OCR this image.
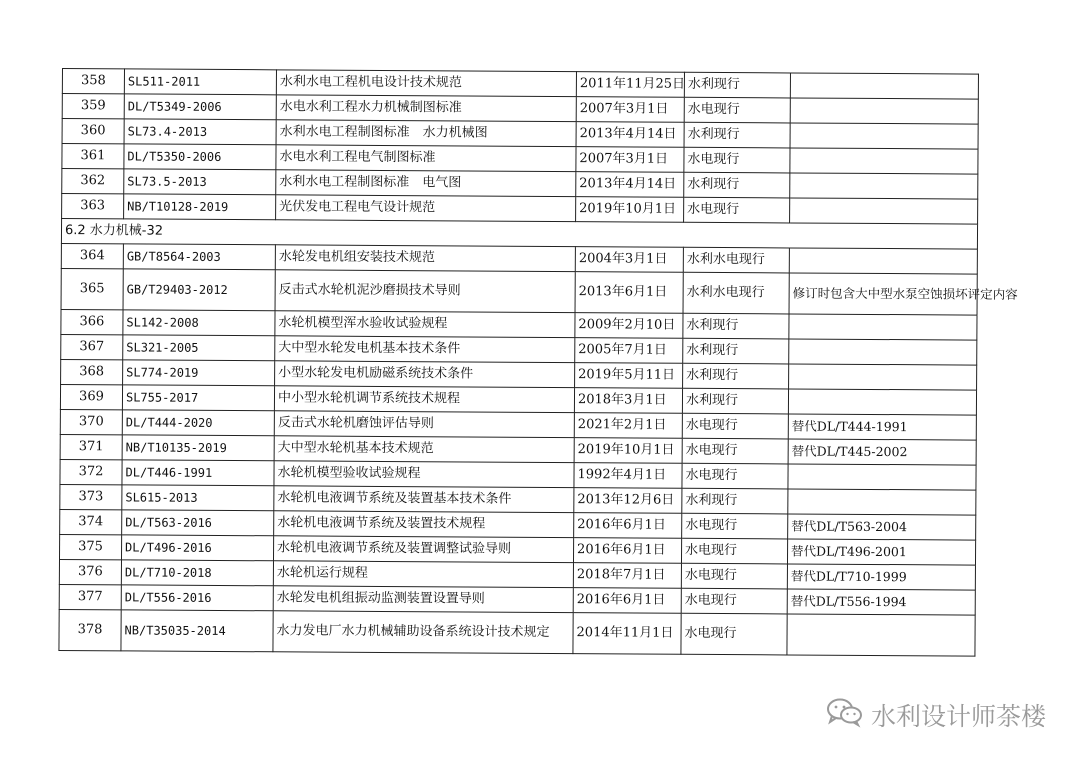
358	SL511-2011	水利水电工程机电设计技术规范	2011年11月25日	水利现行	
359	DL/T5349-2006	水电水利工程水力机械制图标准	2007年3月1日	水电现行	
360	SL73.4-2013	水利水电工程制图标准　水力机械图	2013年4月14日	水利现行	
361	DL/T5350-2006	水电水利工程电气制图标准	2007年3月1日	水电现行	
362	SL73.5-2013	水利水电工程制图标准　电气图	2013年4月14日	水利现行	
363	NB/T10128-2019	光伏发电工程电气设计规范	2019年10月1日	水电现行	
6.2 水力机械-32					
364	GB/T8564-2003	水轮发电机组安装技术规范	2004年3月1日	水利水电现行	
365	GB/T29403-2012	反击式水轮机泥沙磨损技术导则	2013年6月1日	水利水电现行	修订时包含大中型水泵空蚀损坏评定内容
366	SL142-2008	水轮机模型浑水验收试验规程	2009年2月10日	水利现行	
367	SL321-2005	大中型水轮发电机基本技术条件	2005年7月1日	水利现行	
368	SL774-2019	小型水轮发电机励磁系统技术条件	2019年5月11日	水利现行	
369	SL755-2017	中小型水轮机调节系统技术规程	2018年3月1日	水利现行	
370	DL/T444-2020	反击式水轮机磨蚀评估导则	2021年2月1日	水电现行	替代DL/T444-1991
371	NB/T10135-2019	大中型水轮机基本技术规范	2019年10月1日	水电现行	替代DL/T445-2002
372	DL/T446-1991	水轮机模型验收试验规程	1992年4月1日	水电现行	
373	SL615-2013	水轮机电液调节系统及装置基本技术条件	2013年12月6日	水利现行	
374	DL/T563-2016	水轮机电液调节系统及装置技术规程	2016年6月1日	水电现行	替代DL/T563-2004
375	DL/T496-2016	水轮机电液调节系统及装置调整试验导则	2016年6月1日	水电现行	替代DL/T496-2001
376	DL/T710-2018	水轮机运行规程	2018年7月1日	水电现行	替代DL/T710-1999
377	DL/T556-2016	水轮发电机组振动监测装置设置导则	2016年6月1日	水电现行	替代DL/T556-1994
378	NB/T35035-2014	水力发电厂水力机械辅助设备系统设计技术规定	2014年11月1日	水电现行	
水利设计师茶楼
